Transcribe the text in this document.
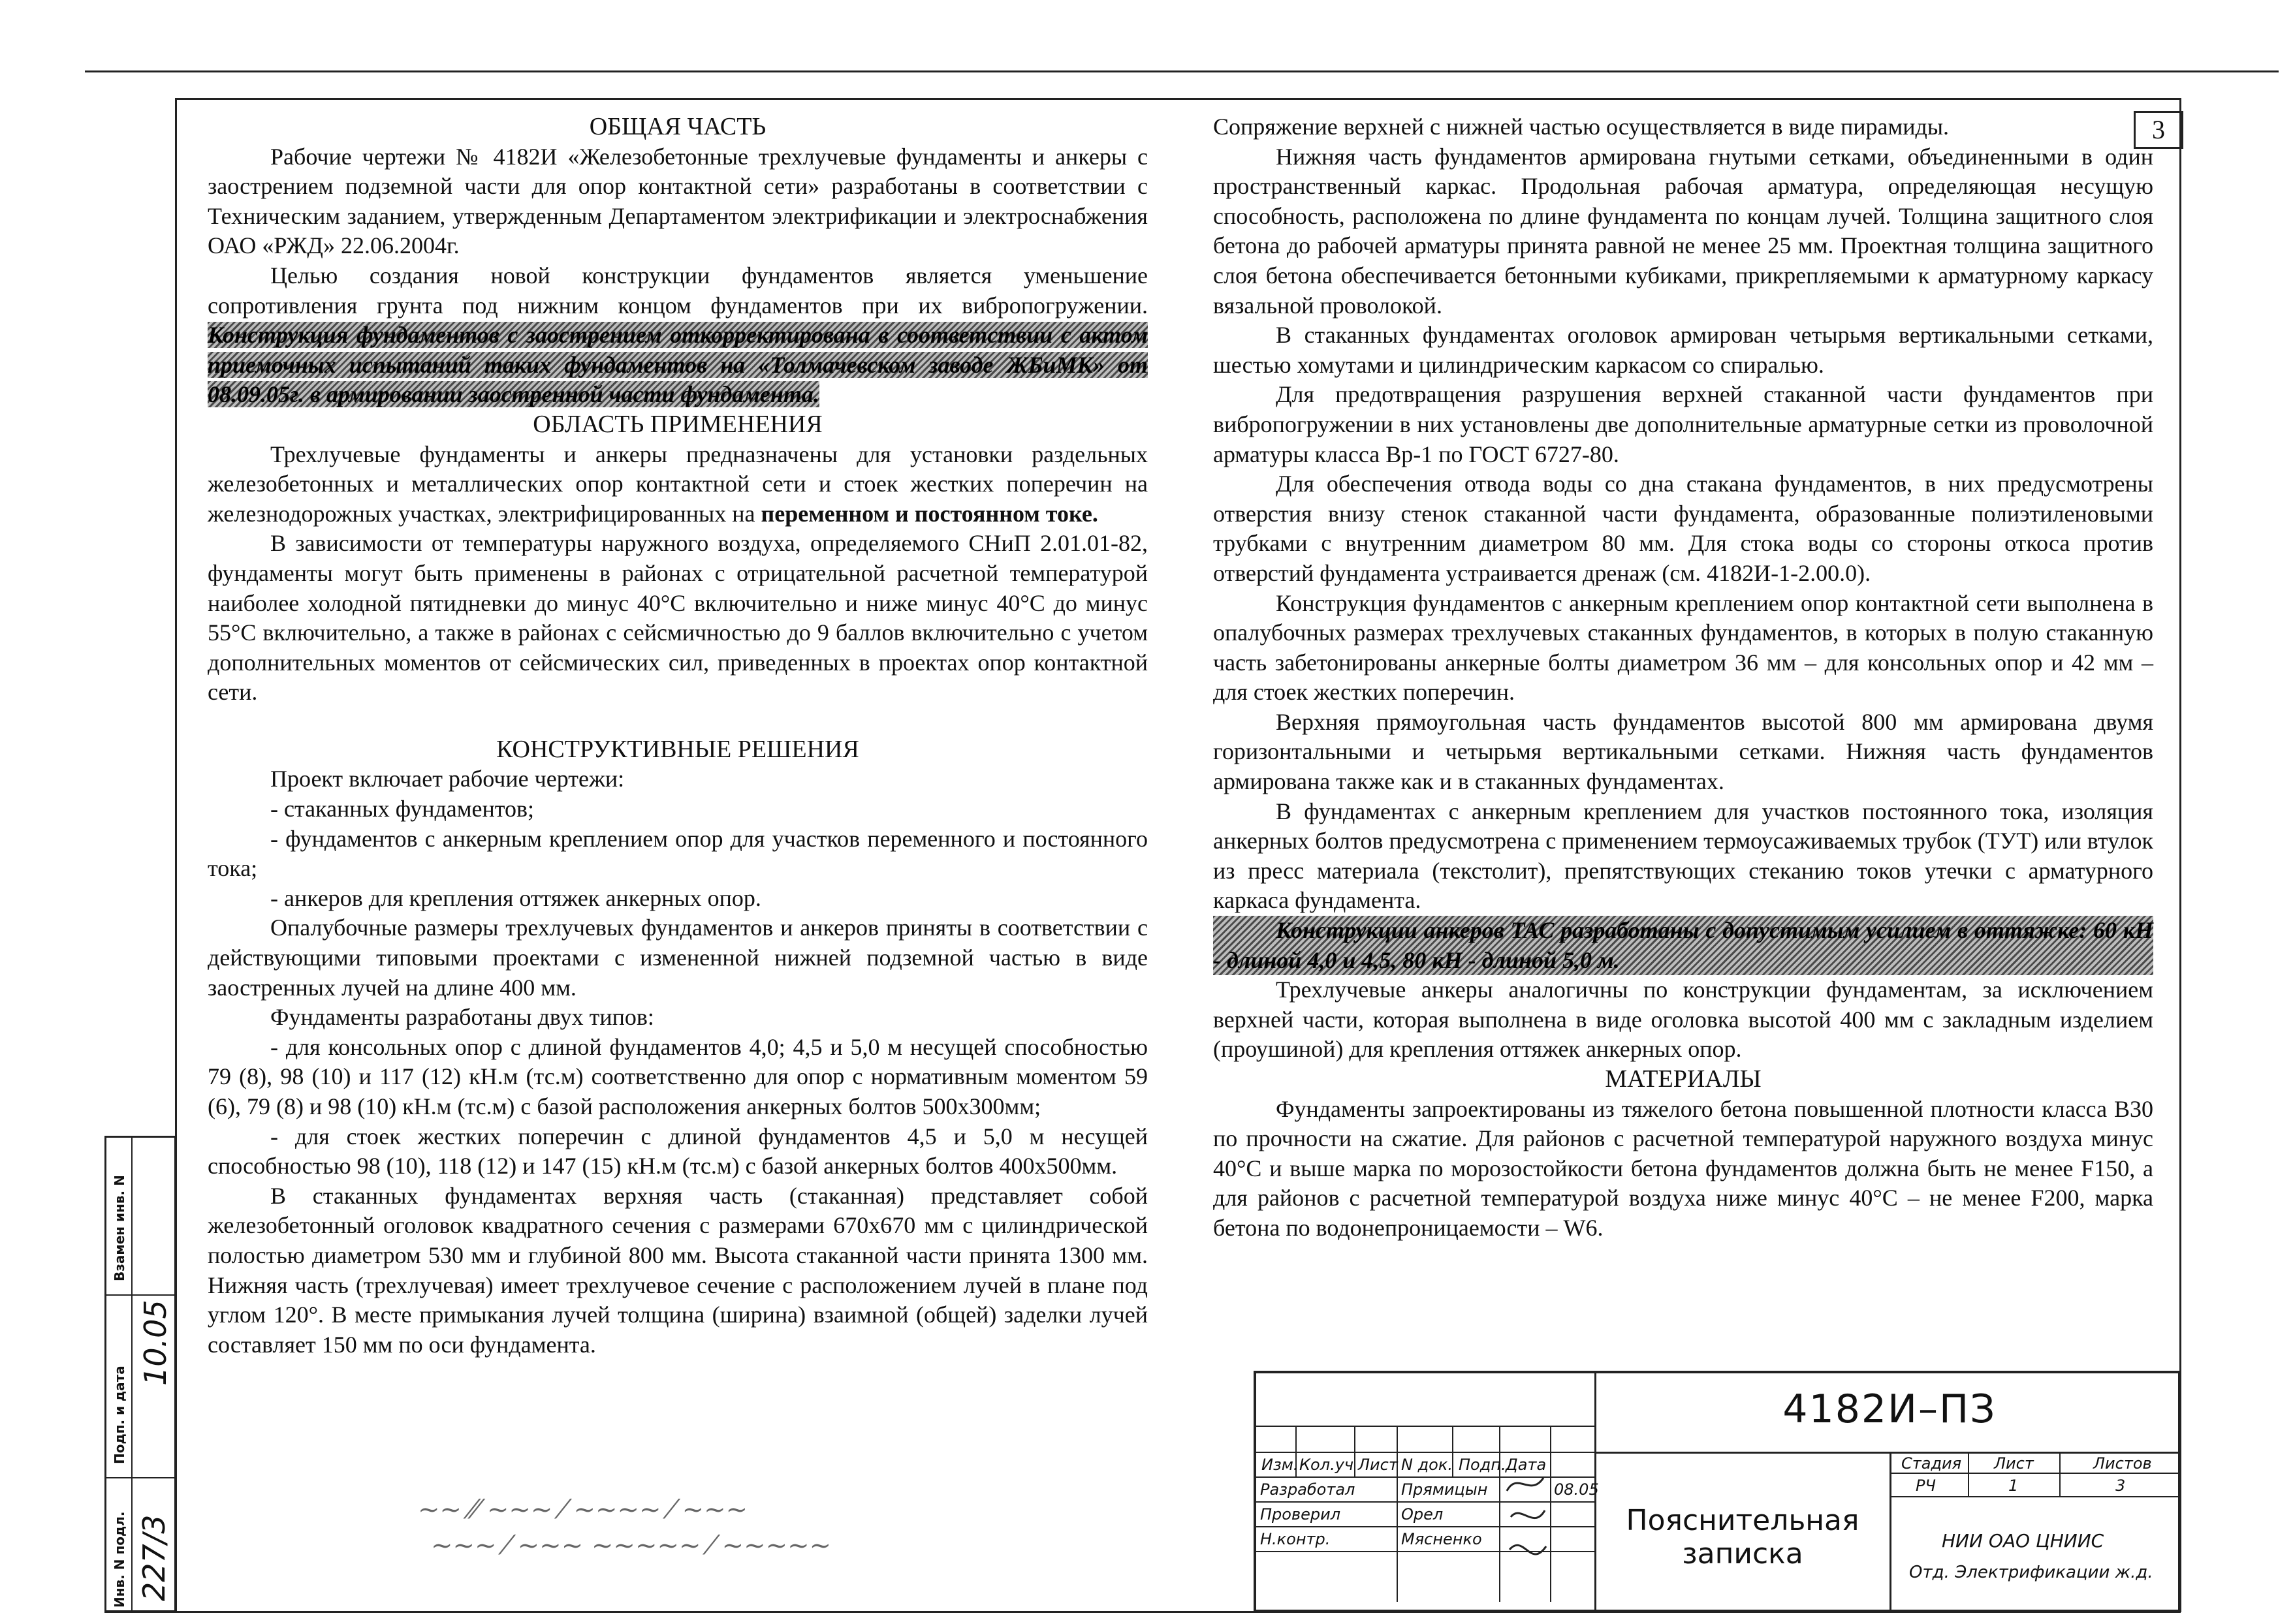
3

ОБЩАЯ ЧАСТЬ

Рабочие чертежи № 4182И «Железобетонные трехлучевые фундаменты и анкеры с заострением подземной части для опор контактной сети» разработаны в соответствии с Техническим заданием, утвержденным Департаментом электрификации и электроснабжения ОАО «РЖД» 22.06.2004г.

Целью создания новой конструкции фундаментов является уменьшение сопротивления грунта под нижним концом фундаментов при их вибропогружении. Конструкция фундаментов с заострением откорректирована в соответствии с актом приемочных испытаний таких фундаментов на «Толмачевском заводе ЖБиМК» от 08.09.05г. в армировании заостренной части фундамента.

ОБЛАСТЬ ПРИМЕНЕНИЯ

Трехлучевые фундаменты и анкеры предназначены для установки раздельных железобетонных и металлических опор контактной сети и стоек жестких поперечин на железнодорожных участках, электрифицированных на переменном и постоянном токе.

В зависимости от температуры наружного воздуха, определяемого СНиП 2.01.01-82, фундаменты могут быть применены в районах с отрицательной расчетной температурой наиболее холодной пятидневки до минус 40°С включительно и ниже минус 40°С до минус 55°С включительно, а также в районах с сейсмичностью до 9 баллов включительно с учетом дополнительных моментов от сейсмических сил, приведенных в проектах опор контактной сети.

КОНСТРУКТИВНЫЕ РЕШЕНИЯ

Проект включает рабочие чертежи:

- стаканных фундаментов;

- фундаментов с анкерным креплением опор для участков переменного и постоянного тока;

- анкеров для крепления оттяжек анкерных опор.

Опалубочные размеры трехлучевых фундаментов и анкеров приняты в соответствии с действующими типовыми проектами с измененной нижней подземной частью в виде заостренных лучей на длине 400 мм.

Фундаменты разработаны двух типов:

- для консольных опор с длиной фундаментов 4,0; 4,5 и 5,0 м несущей способностью 79 (8), 98 (10) и 117 (12) кН.м (тс.м) соответственно для опор с нормативным моментом 59 (6), 79 (8) и 98 (10) кН.м (тс.м) с базой расположения анкерных болтов 500х300мм;

- для стоек жестких поперечин с длиной фундаментов 4,5 и 5,0 м несущей способностью 98 (10), 118 (12) и 147 (15) кН.м (тс.м) с базой анкерных болтов 400х500мм.

В стаканных фундаментах верхняя часть (стаканная) представляет собой железобетонный оголовок квадратного сечения с размерами 670х670 мм с цилиндрической полостью диаметром 530 мм и глубиной 800 мм. Высота стаканной части принята 1300 мм. Нижняя часть (трехлучевая) имеет трехлучевое сечение с расположением лучей в плане под углом 120°. В месте примыкания лучей толщина (ширина) взаимной (общей) заделки лучей составляет 150 мм по оси фундамента.

Сопряжение верхней с нижней частью осуществляется в виде пирамиды.

Нижняя часть фундаментов армирована гнутыми сетками, объединенными в один пространственный каркас. Продольная рабочая арматура, определяющая несущую способность, расположена по длине фундамента по концам лучей. Толщина защитного слоя бетона до рабочей арматуры принята равной не менее 25 мм. Проектная толщина защитного слоя бетона обеспечивается бетонными кубиками, прикрепляемыми к арматурному каркасу вязальной проволокой.

В стаканных фундаментах оголовок армирован четырьмя вертикальными сетками, шестью хомутами и цилиндрическим каркасом со спиралью.

Для предотвращения разрушения верхней стаканной части фундаментов при вибропогружении в них установлены две дополнительные арматурные сетки из проволочной арматуры класса Вр-1 по ГОСТ 6727-80.

Для обеспечения отвода воды со дна стакана фундаментов, в них предусмотрены отверстия внизу стенок стаканной части фундамента, образованные полиэтиленовыми трубками с внутренним диаметром 80 мм. Для стока воды со стороны откоса против отверстий фундамента устраивается дренаж (см. 4182И-1-2.00.0).

Конструкция фундаментов с анкерным креплением опор контактной сети выполнена в опалубочных размерах трехлучевых стаканных фундаментов, в которых в полую стаканную часть забетонированы анкерные болты диаметром 36 мм – для консольных опор и 42 мм – для стоек жестких поперечин.

Верхняя прямоугольная часть фундаментов высотой 800 мм армирована двумя горизонтальными и четырьмя вертикальными сетками. Нижняя часть фундаментов армирована также как и в стаканных фундаментах.

В фундаментах с анкерным креплением для участков постоянного тока, изоляция анкерных болтов предусмотрена с применением термоусаживаемых трубок (ТУТ) или втулок из пресс материала (текстолит), препятствующих стеканию токов утечки с арматурного каркаса фундамента.

Конструкции анкеров ТАС разработаны с допустимым усилием в оттяжке: 60 кН - длиной 4,0 и 4,5, 80 кН - длиной 5,0 м.

Трехлучевые анкеры аналогичны по конструкции фундаментам, за исключением верхней части, которая выполнена в виде оголовка высотой 400 мм с закладным изделием (проушиной) для крепления оттяжек анкерных опор.

МАТЕРИАЛЫ

Фундаменты запроектированы из тяжелого бетона повышенной плотности класса В30 по прочности на сжатие. Для районов с расчетной температурой наружного воздуха минус 40°С и выше марка по морозостойкости бетона фундаментов должна быть не менее F150, а для районов с расчетной температурой воздуха ниже минус 40°С – не менее F200, марка бетона по водонепроницаемости – W6.

~~ ⁄⁄ ~~~ ⁄ ~~~~ ⁄ ~~~
~~~ ⁄ ~~~ ~~~~~ ⁄ ~~~~~
Взамен инв. N
Подп. и дата
Инв. N подл.
10.05
227/3
Изм. Кол.уч Лист N док. Подп. Дата
Разработал	Прямицын	08.05
Проверил	Орел
Н.контр.	Мясненко
4182И–ПЗ
Пояснительная записка
Стадия Лист	Листов
РЧ	1	3
НИИ ОАО ЦНИИС
Отд. Электрификации ж.д.
